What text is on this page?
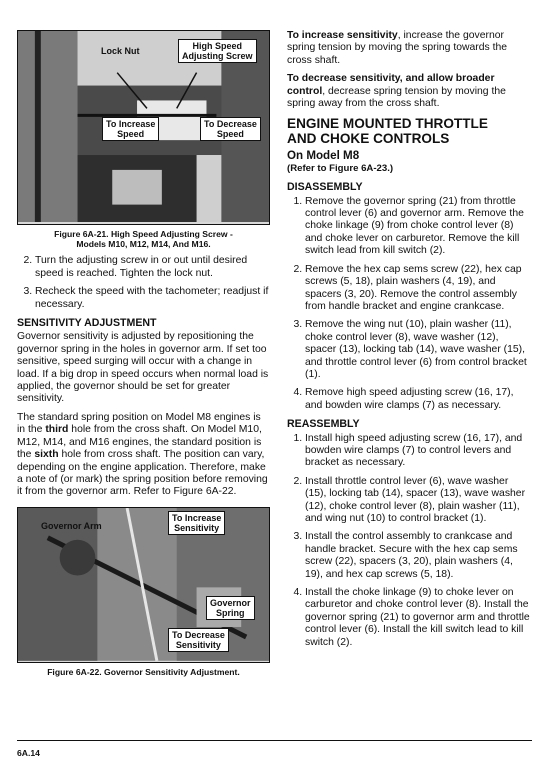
Lock Nut	High Speed
Adjusting Screw
To Increase
Speed
To Decrease
Speed
Figure 6A-21. High Speed Adjusting Screw -
Models M10, M12, M14, And M16.
2. Turn the adjusting screw in or out until desired speed is reached. Tighten the lock nut.
3. Recheck the speed with the tachometer; readjust if necessary.
SENSITIVITY ADJUSTMENT

Governor sensitivity is adjusted by repositioning the governor spring in the holes in governor arm. If set too sensitive, speed surging will occur with a change in load. If a big drop in speed occurs when normal load is applied, the governor should be set for greater sensitivity.

The standard spring position on Model M8 engines is in the third hole from the cross shaft. On Model M10, M12, M14, and M16 engines, the standard position is the sixth hole from cross shaft. The position can vary, depending on the engine application. Therefore, make a note of (or mark) the spring position before removing it from the governor arm. Refer to Figure 6A-22.

Governor Arm
To Increase
Sensitivity
Governor
Spring
To Decrease
Sensitivity
Figure 6A-22. Governor Sensitivity Adjustment.

To increase sensitivity, increase the governor spring tension by moving the spring towards the cross shaft.

To decrease sensitivity, and allow broader control, decrease spring tension by moving the spring away from the cross shaft.

ENGINE MOUNTED THROTTLE
AND CHOKE CONTROLS
On Model M8
(Refer to Figure 6A-23.)
DISASSEMBLY
1. Remove the governor spring (21) from throttle control lever (6) and governor arm. Remove the choke linkage (9) from choke control lever (8) and choke lever on carburetor. Remove the kill switch lead from kill switch (2).
2. Remove the hex cap sems screw (22), hex cap screws (5, 18), plain washers (4, 19), and spacers (3, 20). Remove the control assembly from handle bracket and engine crankcase.
3. Remove the wing nut (10), plain washer (11), choke control lever (8), wave washer (12), spacer (13), locking tab (14), wave washer (15), and throttle control lever (6) from control bracket (1).
4. Remove high speed adjusting screw (16, 17), and bowden wire clamps (7) as necessary.
REASSEMBLY
1. Install high speed adjusting screw (16, 17), and bowden wire clamps (7) to control levers and bracket as necessary.
2. Install throttle control lever (6), wave washer (15), locking tab (14), spacer (13), wave washer (12), choke control lever (8), plain washer (11), and wing nut (10) to control bracket (1).
3. Install the control assembly to crankcase and handle bracket. Secure with the hex cap sems screw (22), spacers (3, 20), plain washers (4, 19), and hex cap screws (5, 18).
4. Install the choke linkage (9) to choke lever on carburetor and choke control lever (8). Install the governor spring (21) to governor arm and throttle control lever (6). Install the kill switch lead to kill switch (2).
6A.14
